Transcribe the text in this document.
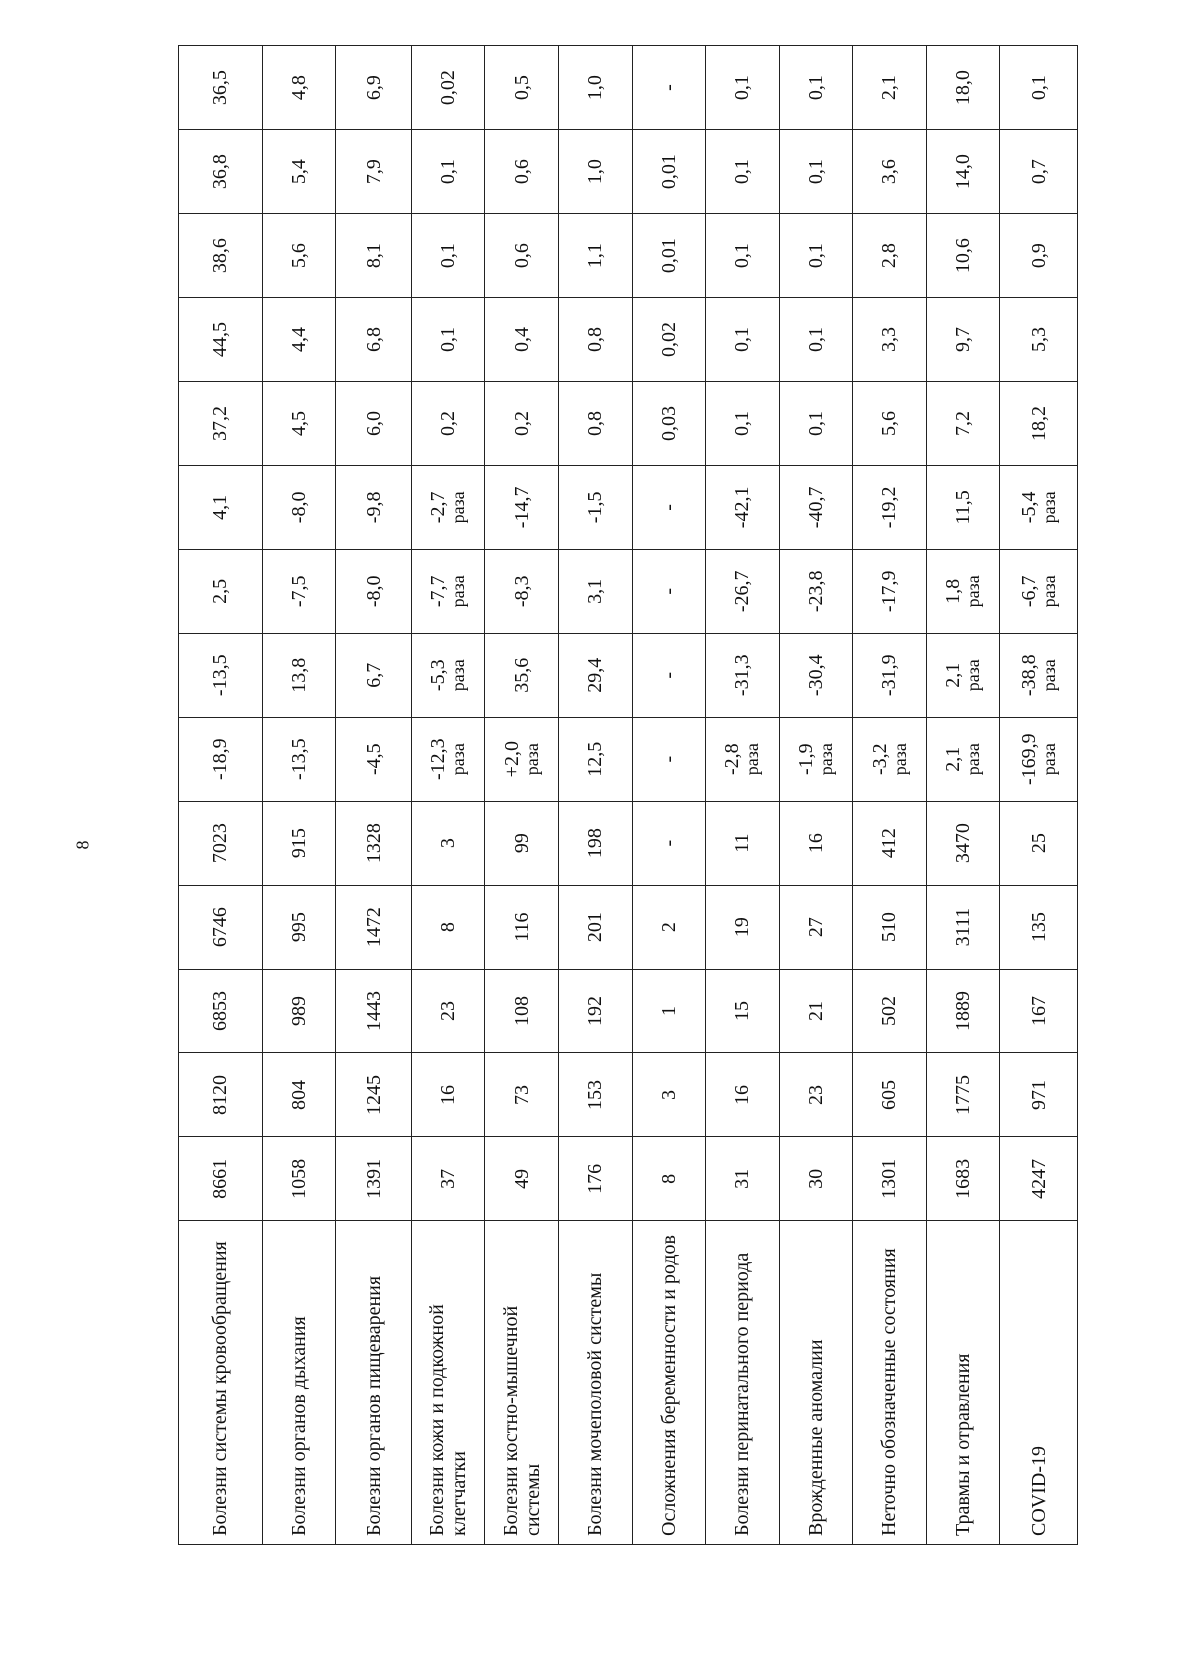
8
Болезни системы кровообращения	8661	8120	6853	6746	7023	-18,9	-13,5	2,5	4,1	37,2	44,5	38,6	36,8	36,5
Болезни органов дыхания	1058	804	989	995	915	-13,5	13,8	-7,5	-8,0	4,5	4,4	5,6	5,4	4,8
Болезни органов пищеварения	1391	1245	1443	1472	1328	-4,5	6,7	-8,0	-9,8	6,0	6,8	8,1	7,9	6,9
Болезни кожи и подкожной клетчатки	37	16	23	8	3	-12,3 раза	-5,3 раза	-7,7 раза	-2,7 раза	0,2	0,1	0,1	0,1	0,02
Болезни костно-мышечной системы	49	73	108	116	99	+2,0 раза	35,6	-8,3	-14,7	0,2	0,4	0,6	0,6	0,5
Болезни мочеполовой системы	176	153	192	201	198	12,5	29,4	3,1	-1,5	0,8	0,8	1,1	1,0	1,0
Осложнения беременности и родов	8	3	1	2	-	-	-	-	-	0,03	0,02	0,01	0,01	-
Болезни перинатального периода	31	16	15	19	11	-2,8 раза	-31,3	-26,7	-42,1	0,1	0,1	0,1	0,1	0,1
Врожденные аномалии	30	23	21	27	16	-1,9 раза	-30,4	-23,8	-40,7	0,1	0,1	0,1	0,1	0,1
Неточно обозначенные состояния	1301	605	502	510	412	-3,2 раза	-31,9	-17,9	-19,2	5,6	3,3	2,8	3,6	2,1
Травмы и отравления	1683	1775	1889	3111	3470	2,1 раза	2,1 раза	1,8 раза	11,5	7,2	9,7	10,6	14,0	18,0
COVID-19	4247	971	167	135	25	-169,9 раза	-38,8 раза	-6,7 раза	-5,4 раза	18,2	5,3	0,9	0,7	0,1
